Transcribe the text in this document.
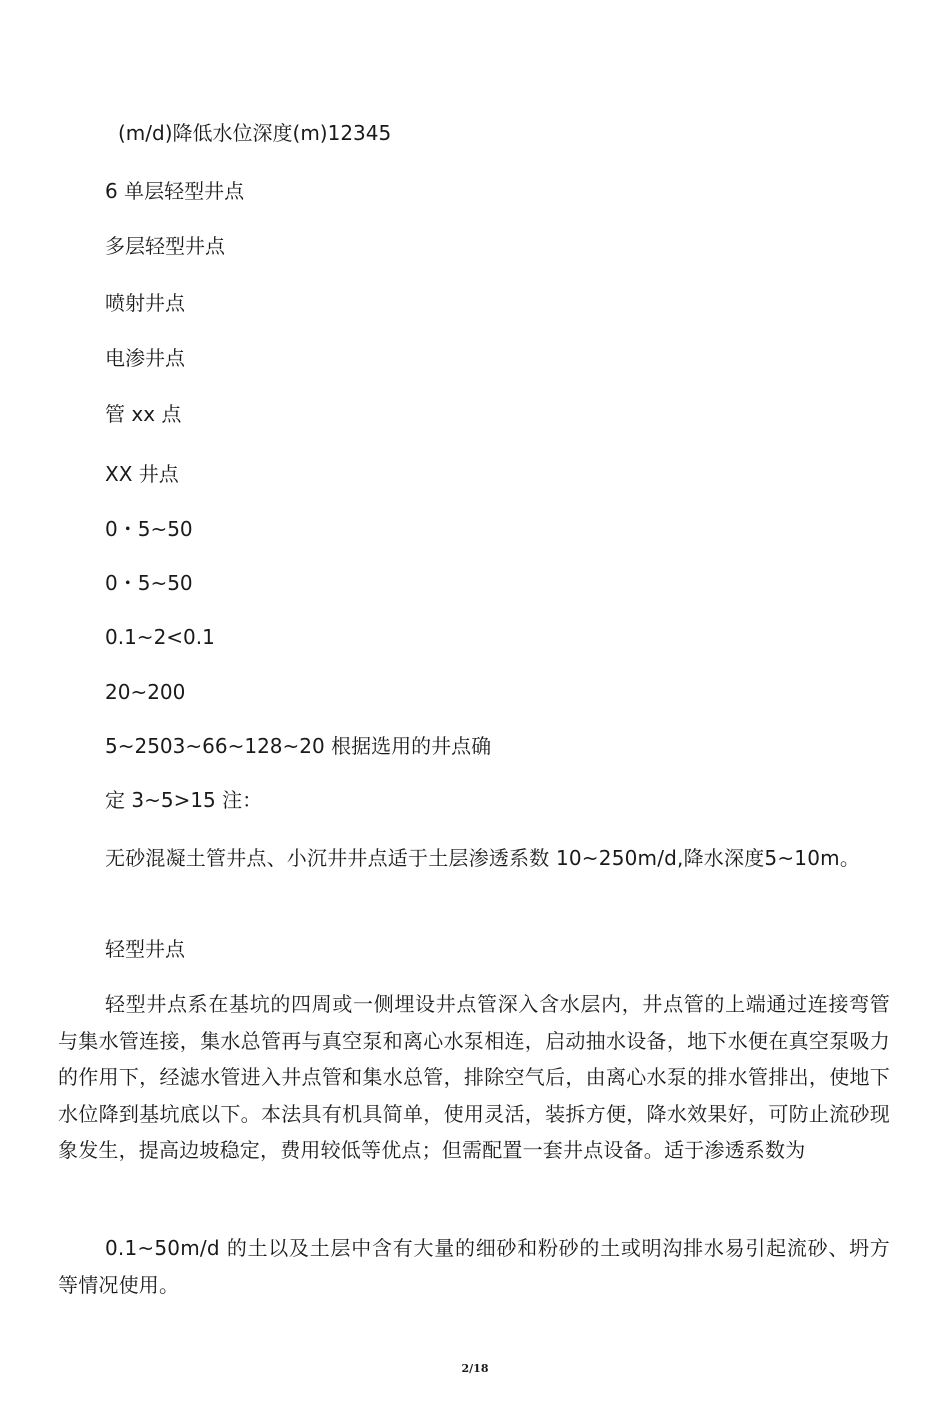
(m/d)降低水位深度(m)12345

6 单层轻型井点

多层轻型井点

喷射井点

电渗井点

管 xx 点

XX 井点

0・5~50

0・5~50

0.1~2<0.1

20~200

5~2503~66~128~20 根据选用的井点确

定 3~5>15 注：

无砂混凝土管井点、小沉井井点适于土层渗透系数 10~250m/d,降水深度5~10m。

轻型井点

轻型井点系在基坑的四周或一侧埋设井点管深入含水层内，井点管的上端通过连接弯管与集水管连接，集水总管再与真空泵和离心水泵相连，启动抽水设备，地下水便在真空泵吸力的作用下，经滤水管进入井点管和集水总管，排除空气后，由离心水泵的排水管排出，使地下水位降到基坑底以下。本法具有机具简单，使用灵活，装拆方便，降水效果好，可防止流砂现象发生，提高边坡稳定，费用较低等优点；但需配置一套井点设备。适于渗透系数为

0.1~50m/d 的土以及土层中含有大量的细砂和粉砂的土或明沟排水易引起流砂、坍方等情况使用。

2/18
